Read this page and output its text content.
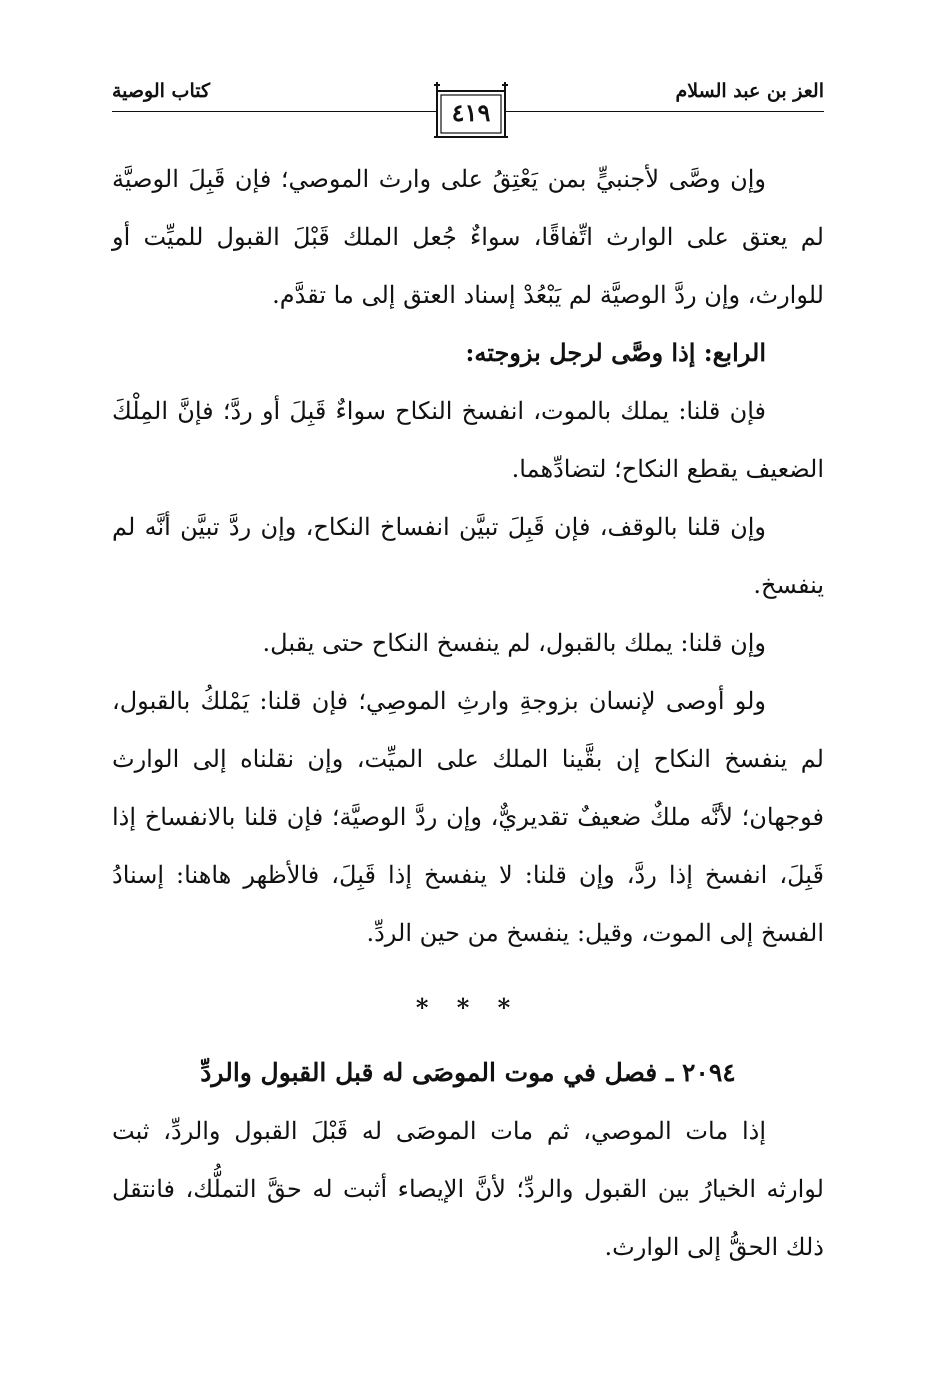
العز بن عبد السلام
كتاب الوصية
٤١٩

وإن وصَّى لأجنبيٍّ بمن يَعْتِقُ على وارث الموصي؛ فإن قَبِلَ الوصيَّة لم يعتق على الوارث اتِّفاقًا، سواءٌ جُعل الملك قَبْلَ القبول للميِّت أو للوارث، وإن ردَّ الوصيَّة لم يَبْعُدْ إسناد العتق إلى ما تقدَّم.

الرابع: إذا وصَّى لرجل بزوجته:

فإن قلنا: يملك بالموت، انفسخ النكاح سواءٌ قَبِلَ أو ردَّ؛ فإنَّ المِلْكَ الضعيف يقطع النكاح؛ لتضادِّهما.

وإن قلنا بالوقف، فإن قَبِلَ تبيَّن انفساخ النكاح، وإن ردَّ تبيَّن أنَّه لم ينفسخ.

وإن قلنا: يملك بالقبول، لم ينفسخ النكاح حتى يقبل.

ولو أوصى لإنسان بزوجةِ وارثِ الموصِي؛ فإن قلنا: يَمْلكُ بالقبول، لم ينفسخ النكاح إن بقَّينا الملك على الميِّت، وإن نقلناه إلى الوارث فوجهان؛ لأنَّه ملكٌ ضعيفٌ تقديريٌّ، وإن ردَّ الوصيَّة؛ فإن قلنا بالانفساخ إذا قَبِلَ، انفسخ إذا ردَّ، وإن قلنا: لا ينفسخ إذا قَبِلَ، فالأظهر هاهنا: إسنادُ الفسخ إلى الموت، وقيل: ينفسخ من حين الردِّ.

* * *
٢٠٩٤ ـ فصل في موت الموصَى له قبل القبول والردِّ

إذا مات الموصي، ثم مات الموصَى له قَبْلَ القبول والردِّ، ثبت لوارثه الخيارُ بين القبول والردِّ؛ لأنَّ الإيصاء أثبت له حقَّ التملُّك، فانتقل ذلك الحقُّ إلى الوارث.
